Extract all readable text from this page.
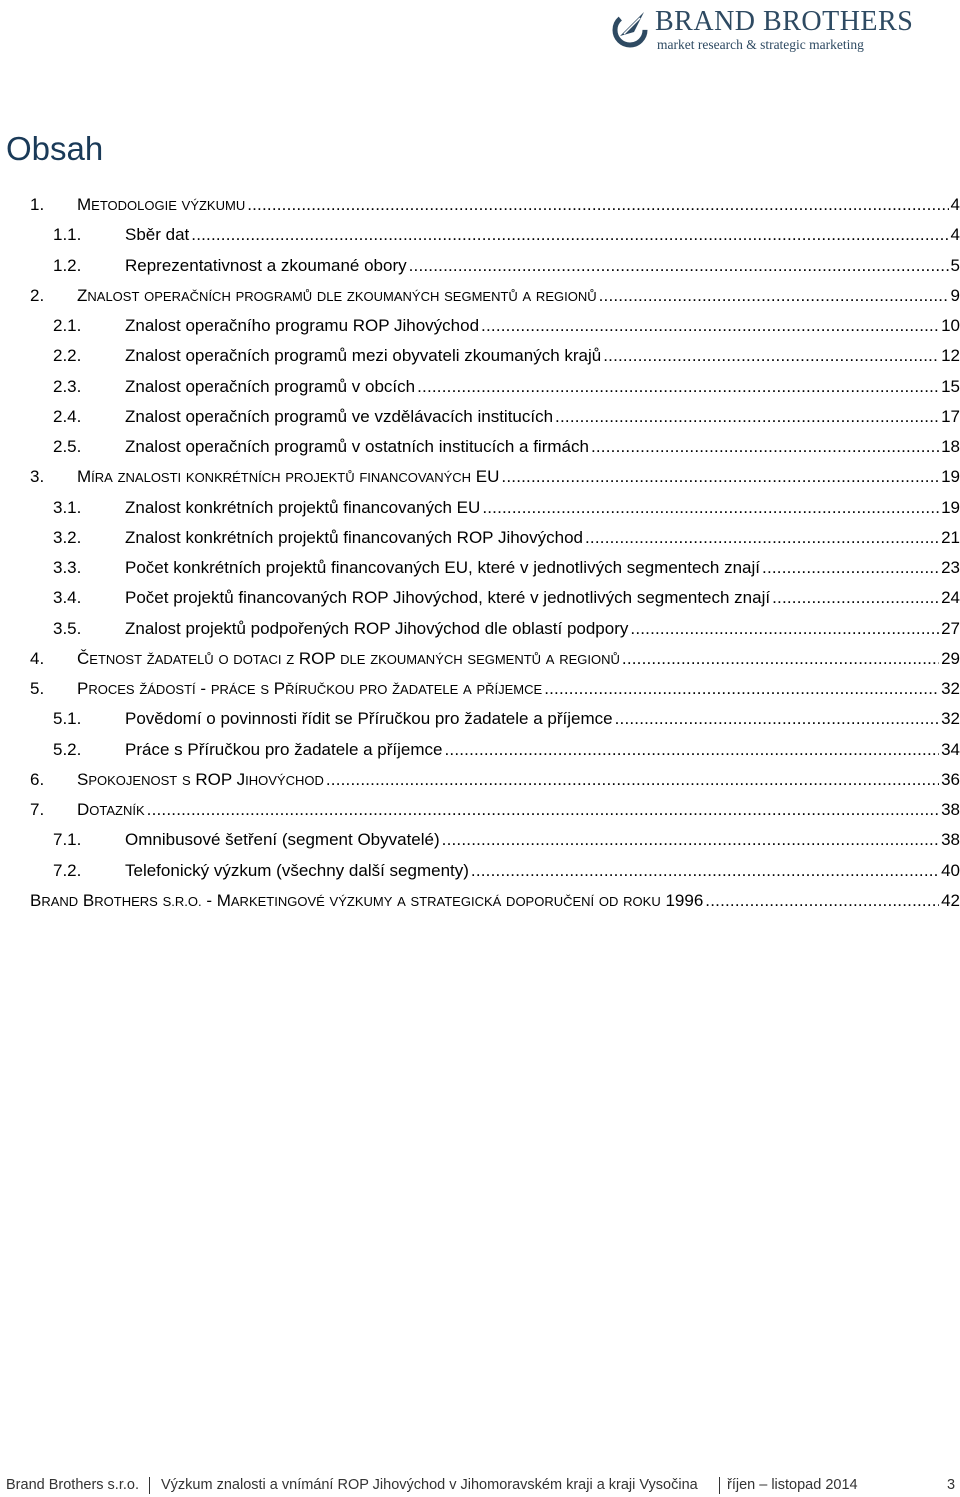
BRAND BROTHERS
market research & strategic marketing
Obsah
1.	METODOLOGIE VÝZKUMU .....	4
1.1.	Sběr dat .....	4
1.2.	Reprezentativnost a zkoumané obory .....	5
2.	ZNALOST OPERAČNÍCH PROGRAMŮ DLE ZKOUMANÝCH SEGMENTŮ A REGIONŮ .....	9
2.1.	Znalost operačního programu ROP Jihovýchod .....	10
2.2.	Znalost operačních programů mezi obyvateli zkoumaných krajů .....	12
2.3.	Znalost operačních programů v obcích .....	15
2.4.	Znalost operačních programů ve vzdělávacích institucích .....	17
2.5.	Znalost operačních programů v ostatních institucích a firmách .....	18
3.	MÍRA ZNALOSTI KONKRÉTNÍCH PROJEKTŮ FINANCOVANÝCH EU .....	19
3.1.	Znalost konkrétních projektů financovaných EU .....	19
3.2.	Znalost konkrétních projektů financovaných ROP Jihovýchod .....	21
3.3.	Počet konkrétních projektů financovaných EU, které v jednotlivých segmentech znají .....	23
3.4.	Počet projektů financovaných ROP Jihovýchod, které v jednotlivých segmentech znají .....	24
3.5.	Znalost projektů podpořených ROP Jihovýchod dle oblastí podpory .....	27
4.	ČETNOST ŽADATELŮ O DOTACI Z ROP DLE ZKOUMANÝCH SEGMENTŮ A REGIONŮ .....	29
5.	PROCES ŽÁDOSTÍ - PRÁCE S PŘÍRUČKOU PRO ŽADATELE A PŘÍJEMCE .....	32
5.1.	Povědomí o povinnosti řídit se Příručkou pro žadatele a příjemce .....	32
5.2.	Práce s Příručkou pro žadatele a příjemce .....	34
6.	SPOKOJENOST S ROP JIHOVÝCHOD .....	36
7.	DOTAZNÍK .....	38
7.1.	Omnibusové šetření (segment Obyvatelé) .....	38
7.2.	Telefonický výzkum (všechny další segmenty) .....	40
BRAND BROTHERS S.R.O. - MARKETINGOVÉ VÝZKUMY A STRATEGICKÁ DOPORUČENÍ OD ROKU 1996 .....	42
Brand Brothers s.r.o. Výzkum znalosti a vnímání ROP Jihovýchod v Jihomoravském kraji a kraji Vysočina říjen – listopad 2014	3
